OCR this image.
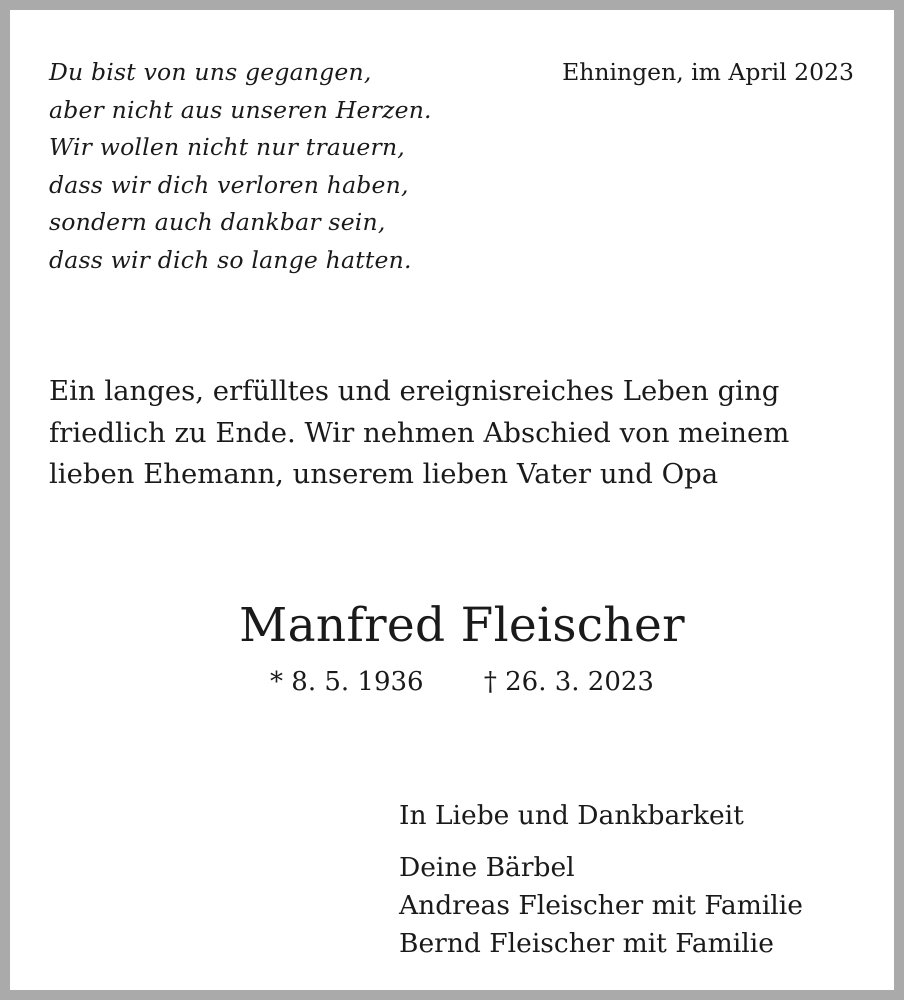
Du bist von uns gegangen,
aber nicht aus unseren Herzen.
Wir wollen nicht nur trauern,
dass wir dich verloren haben,
sondern auch dankbar sein,
dass wir dich so lange hatten.
Ehningen, im April 2023
Ein langes, erfülltes und ereignisreiches Leben ging
friedlich zu Ende. Wir nehmen Abschied von meinem
lieben Ehemann, unserem lieben Vater und Opa
Manfred Fleischer
* 8. 5. 1936 † 26. 3. 2023
In Liebe und Dankbarkeit
Deine Bärbel
Andreas Fleischer mit Familie
Bernd Fleischer mit Familie
